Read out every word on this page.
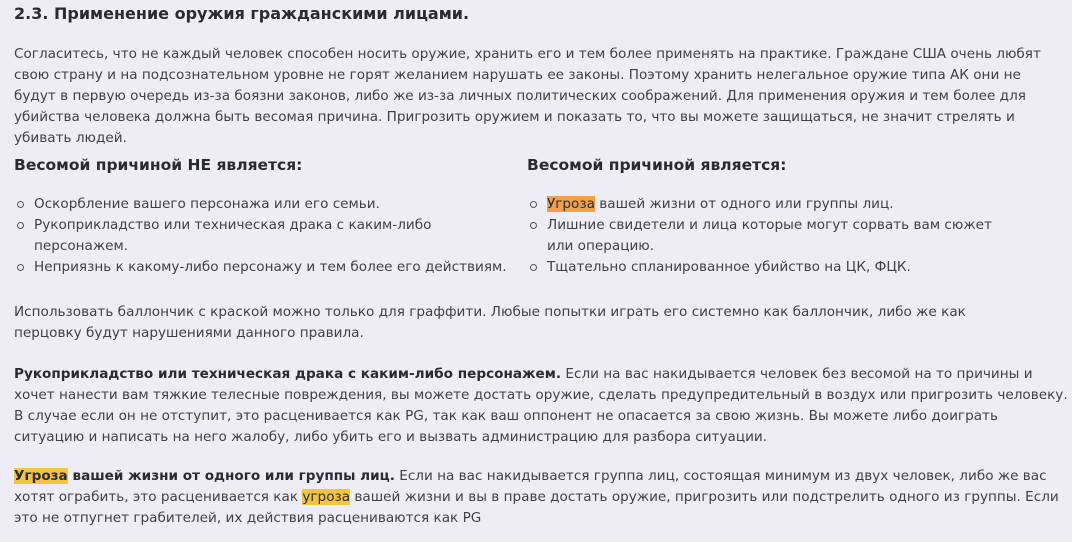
2.3. Применение оружия гражданскими лицами.

Согласитесь, что не каждый человек способен носить оружие, хранить его и тем более применять на практике. Граждане США очень любят свою страну и на подсознательном уровне не горят желанием нарушать ее законы. Поэтому хранить нелегальное оружие типа АК они не будут в первую очередь из-за боязни законов, либо же из-за личных политических соображений. Для применения оружия и тем более для убийства человека должна быть весомая причина. Пригрозить оружием и показать то, что вы можете защищаться, не значит стрелять и убивать людей.

Весомой причиной НЕ является:
Оскорбление вашего персонажа или его семьи.
Рукоприкладство или техническая драка с каким-либо персонажем.
Неприязнь к какому-либо персонажу и тем более его действиям.
Весомой причиной является:
Угроза вашей жизни от одного или группы лиц.
Лишние свидетели и лица которые могут сорвать вам сюжет или операцию.
Тщательно спланированное убийство на ЦК, ФЦК.

Использовать баллончик с краской можно только для граффити. Любые попытки играть его системно как баллончик, либо же как перцовку будут нарушениями данного правила.

Рукоприкладство или техническая драка с каким-либо персонажем. Если на вас накидывается человек без весомой на то причины и хочет нанести вам тяжкие телесные повреждения, вы можете достать оружие, сделать предупредительный в воздух или пригрозить человеку. В случае если он не отступит, это расценивается как PG, так как ваш оппонент не опасается за свою жизнь. Вы можете либо доиграть ситуацию и написать на него жалобу, либо убить его и вызвать администрацию для разбора ситуации.

Угроза вашей жизни от одного или группы лиц. Если на вас накидывается группа лиц, состоящая минимум из двух человек, либо же вас хотят ограбить, это расценивается как угроза вашей жизни и вы в праве достать оружие, пригрозить или подстрелить одного из группы. Если это не отпугнет грабителей, их действия расцениваются как PG
